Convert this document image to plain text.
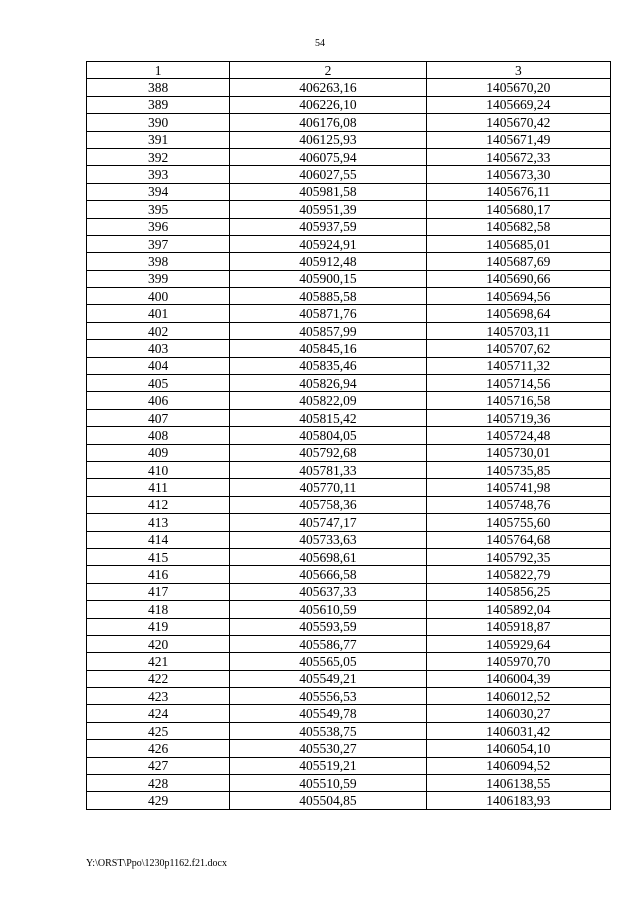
54
1	2	3
388	406263,16	1405670,20
389	406226,10	1405669,24
390	406176,08	1405670,42
391	406125,93	1405671,49
392	406075,94	1405672,33
393	406027,55	1405673,30
394	405981,58	1405676,11
395	405951,39	1405680,17
396	405937,59	1405682,58
397	405924,91	1405685,01
398	405912,48	1405687,69
399	405900,15	1405690,66
400	405885,58	1405694,56
401	405871,76	1405698,64
402	405857,99	1405703,11
403	405845,16	1405707,62
404	405835,46	1405711,32
405	405826,94	1405714,56
406	405822,09	1405716,58
407	405815,42	1405719,36
408	405804,05	1405724,48
409	405792,68	1405730,01
410	405781,33	1405735,85
411	405770,11	1405741,98
412	405758,36	1405748,76
413	405747,17	1405755,60
414	405733,63	1405764,68
415	405698,61	1405792,35
416	405666,58	1405822,79
417	405637,33	1405856,25
418	405610,59	1405892,04
419	405593,59	1405918,87
420	405586,77	1405929,64
421	405565,05	1405970,70
422	405549,21	1406004,39
423	405556,53	1406012,52
424	405549,78	1406030,27
425	405538,75	1406031,42
426	405530,27	1406054,10
427	405519,21	1406094,52
428	405510,59	1406138,55
429	405504,85	1406183,93
Y:\ORST\Ppo\1230p1162.f21.docx
